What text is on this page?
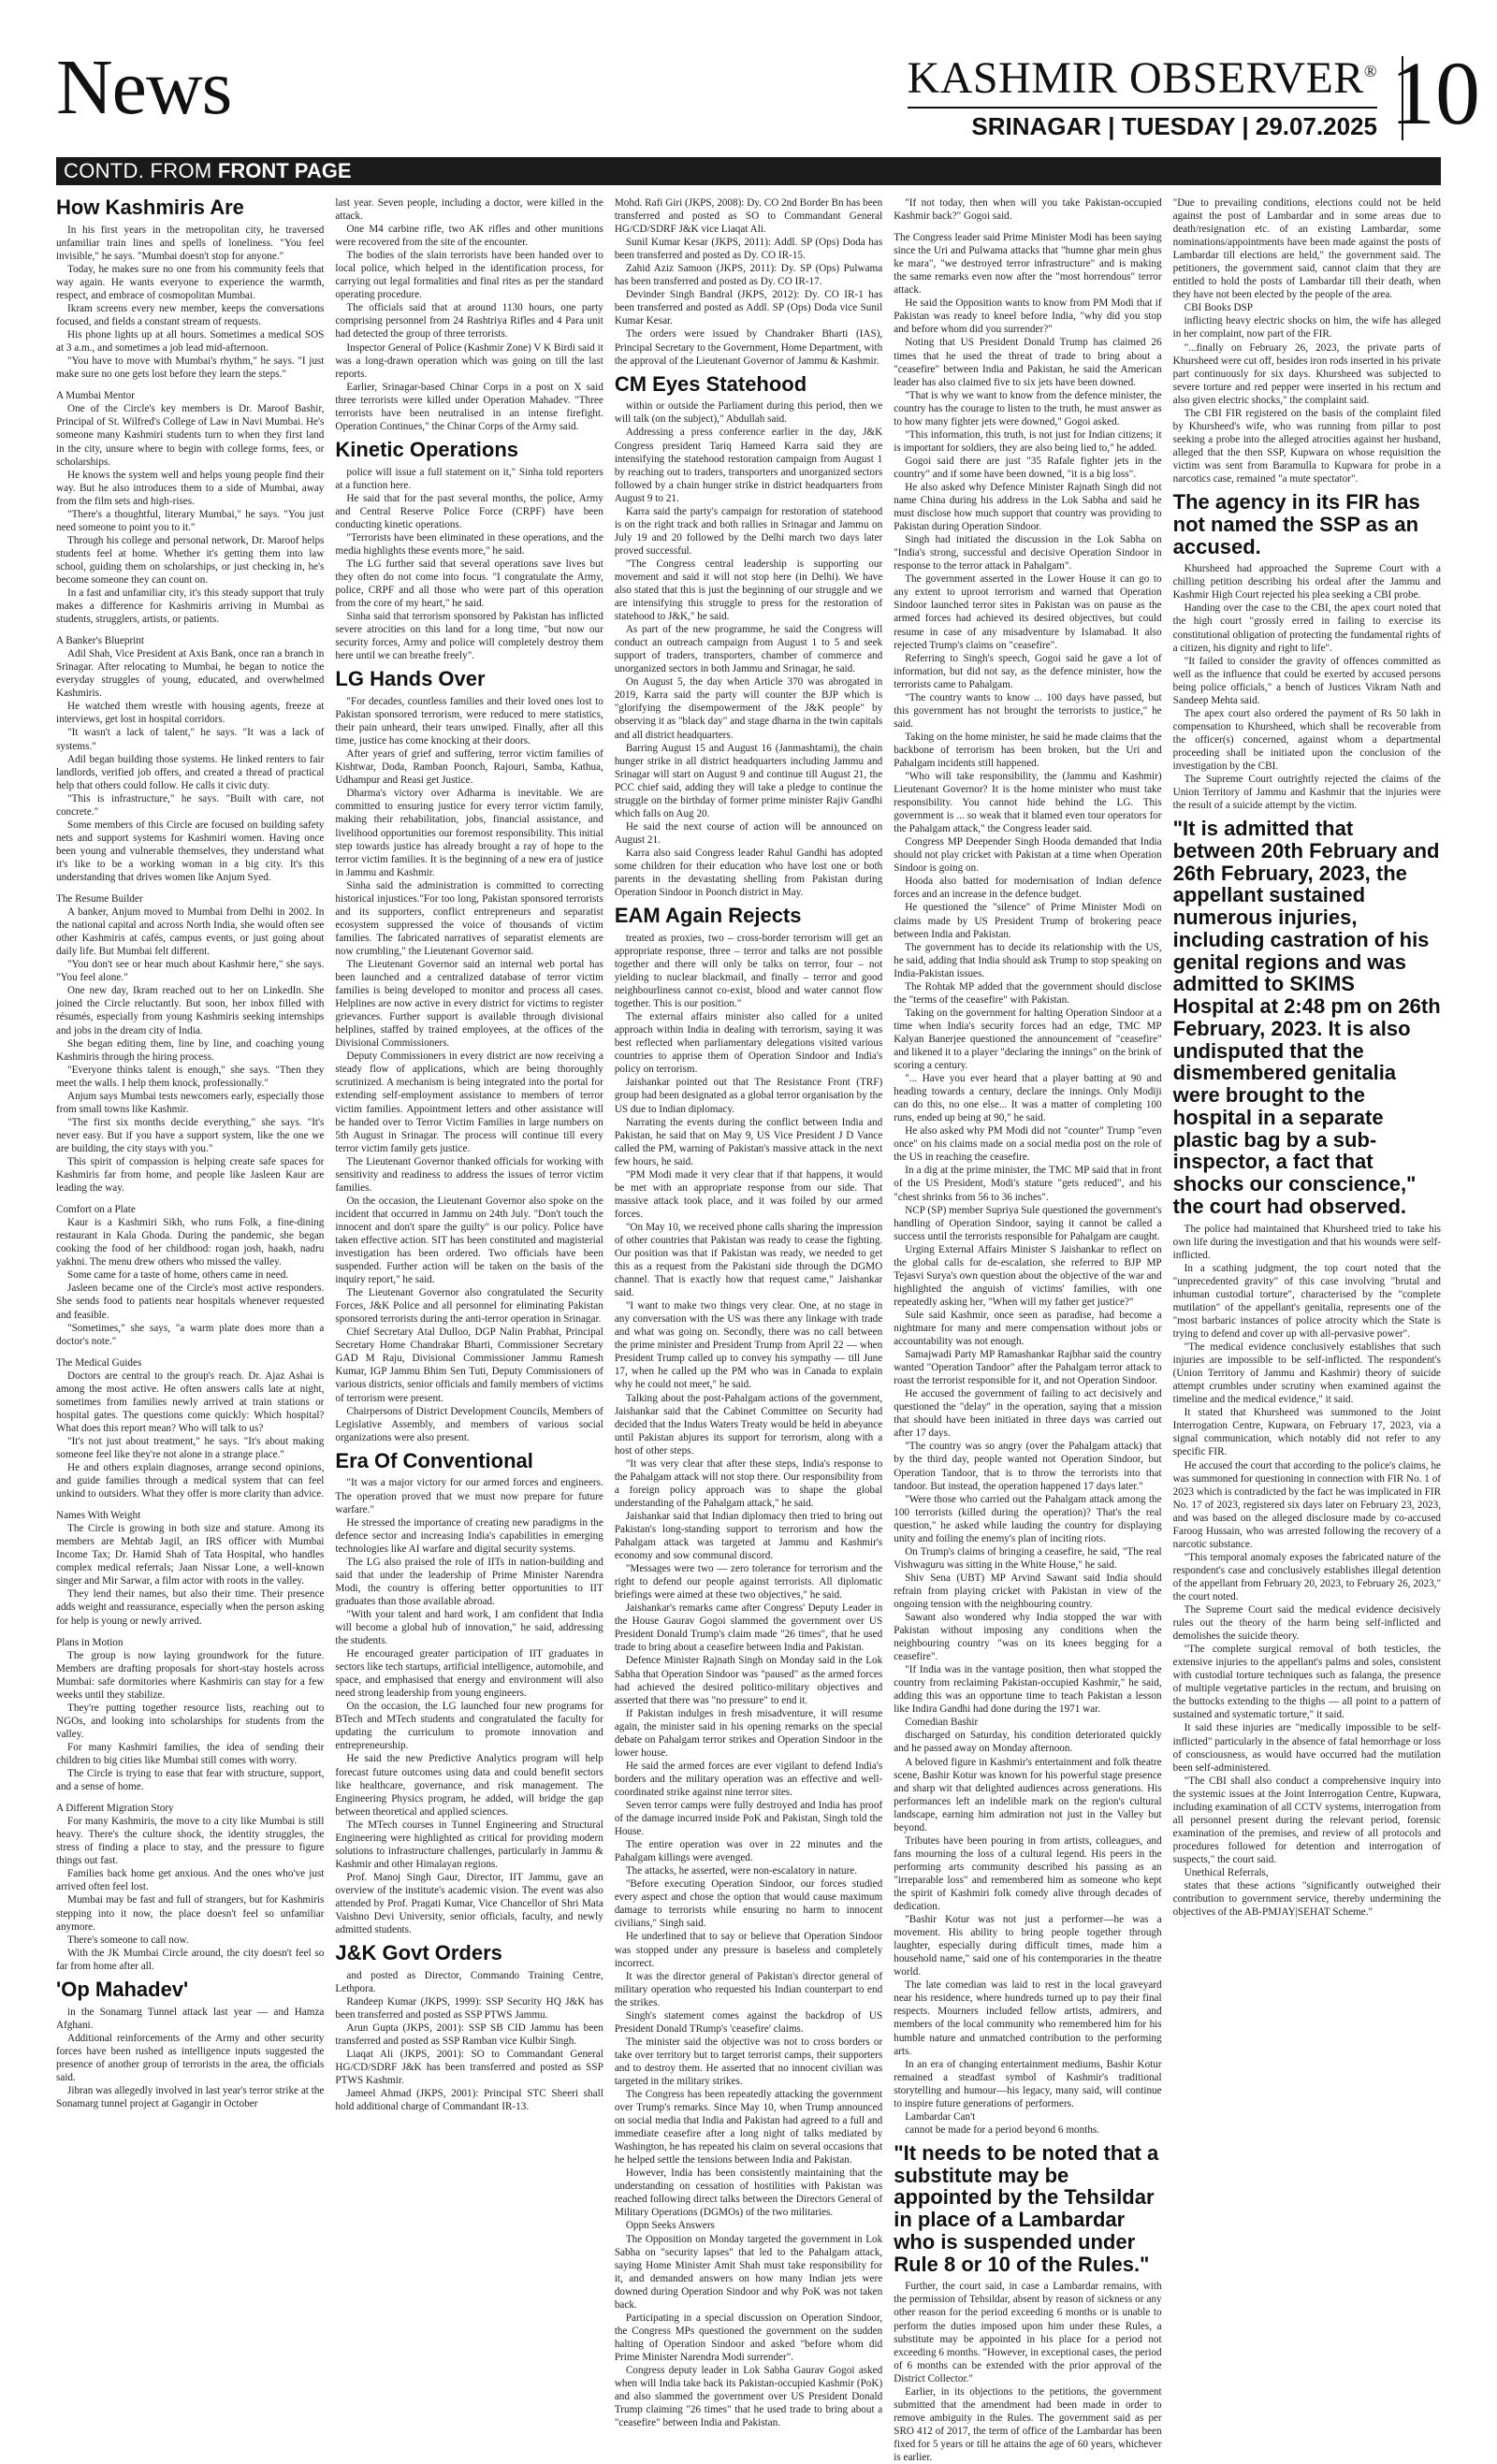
News	KASHMIR OBSERVER®
SRINAGAR | TUESDAY | 29.07.2025 10
CONTD. FROM FRONT PAGE
How Kashmiris Are

In his first years in the metropolitan city, he traversed unfamiliar train lines and spells of loneliness. "You feel invisible," he says. "Mumbai doesn't stop for anyone."

Today, he makes sure no one from his community feels that way again. He wants everyone to experience the warmth, respect, and embrace of cosmopolitan Mumbai.

Ikram screens every new member, keeps the conversations focused, and fields a constant stream of requests.

His phone lights up at all hours. Sometimes a medical SOS at 3 a.m., and sometimes a job lead mid-afternoon.

"You have to move with Mumbai's rhythm," he says. "I just make sure no one gets lost before they learn the steps."

A Mumbai Mentor

One of the Circle's key members is Dr. Maroof Bashir, Principal of St. Wilfred's College of Law in Navi Mumbai. He's someone many Kashmiri students turn to when they first land in the city, unsure where to begin with college forms, fees, or scholarships.

He knows the system well and helps young people find their way. But he also introduces them to a side of Mumbai, away from the film sets and high-rises.

"There's a thoughtful, literary Mumbai," he says. "You just need someone to point you to it."

Through his college and personal network, Dr. Maroof helps students feel at home. Whether it's getting them into law school, guiding them on scholarships, or just checking in, he's become someone they can count on.

In a fast and unfamiliar city, it's this steady support that truly makes a difference for Kashmiris arriving in Mumbai as students, strugglers, artists, or patients.

A Banker's Blueprint

Adil Shah, Vice President at Axis Bank, once ran a branch in Srinagar. After relocating to Mumbai, he began to notice the everyday struggles of young, educated, and overwhelmed Kashmiris.

He watched them wrestle with housing agents, freeze at interviews, get lost in hospital corridors.

"It wasn't a lack of talent," he says. "It was a lack of systems."

Adil began building those systems. He linked renters to fair landlords, verified job offers, and created a thread of practical help that others could follow. He calls it civic duty.

"This is infrastructure," he says. "Built with care, not concrete."

Some members of this Circle are focused on building safety nets and support systems for Kashmiri women. Having once been young and vulnerable themselves, they understand what it's like to be a working woman in a big city. It's this understanding that drives women like Anjum Syed.

The Resume Builder

A banker, Anjum moved to Mumbai from Delhi in 2002. In the national capital and across North India, she would often see other Kashmiris at cafés, campus events, or just going about daily life. But Mumbai felt different.

"You don't see or hear much about Kashmir here," she says. "You feel alone."

One new day, Ikram reached out to her on LinkedIn. She joined the Circle reluctantly. But soon, her inbox filled with résumés, especially from young Kashmiris seeking internships and jobs in the dream city of India.

She began editing them, line by line, and coaching young Kashmiris through the hiring process.

"Everyone thinks talent is enough," she says. "Then they meet the walls. I help them knock, professionally."

Anjum says Mumbai tests newcomers early, especially those from small towns like Kashmir.

"The first six months decide everything," she says. "It's never easy. But if you have a support system, like the one we are building, the city stays with you."

This spirit of compassion is helping create safe spaces for Kashmiris far from home, and people like Jasleen Kaur are leading the way.

Comfort on a Plate

Kaur is a Kashmiri Sikh, who runs Folk, a fine-dining restaurant in Kala Ghoda. During the pandemic, she began cooking the food of her childhood: rogan josh, haakh, nadru yakhni. The menu drew others who missed the valley.

Some came for a taste of home, others came in need.

Jasleen became one of the Circle's most active responders. She sends food to patients near hospitals whenever requested and feasible.

"Sometimes," she says, "a warm plate does more than a doctor's note."

The Medical Guides

Doctors are central to the group's reach. Dr. Ajaz Ashai is among the most active. He often answers calls late at night, sometimes from families newly arrived at train stations or hospital gates. The questions come quickly: Which hospital? What does this report mean? Who will talk to us?

"It's not just about treatment," he says. "It's about making someone feel like they're not alone in a strange place."

He and others explain diagnoses, arrange second opinions, and guide families through a medical system that can feel unkind to outsiders. What they offer is more clarity than advice.

Names With Weight

The Circle is growing in both size and stature. Among its members are Mehtab Jagil, an IRS officer with Mumbai Income Tax; Dr. Hamid Shah of Tata Hospital, who handles complex medical referrals; Jaan Nissar Lone, a well-known singer and Mir Sarwar, a film actor with roots in the valley.

They lend their names, but also their time. Their presence adds weight and reassurance, especially when the person asking for help is young or newly arrived.

Plans in Motion

The group is now laying groundwork for the future. Members are drafting proposals for short-stay hostels across Mumbai: safe dormitories where Kashmiris can stay for a few weeks until they stabilize.

They're putting together resource lists, reaching out to NGOs, and looking into scholarships for students from the valley.

For many Kashmiri families, the idea of sending their children to big cities like Mumbai still comes with worry.

The Circle is trying to ease that fear with structure, support, and a sense of home.

A Different Migration Story

For many Kashmiris, the move to a city like Mumbai is still heavy. There's the culture shock, the identity struggles, the stress of finding a place to stay, and the pressure to figure things out fast.

Families back home get anxious. And the ones who've just arrived often feel lost.

Mumbai may be fast and full of strangers, but for Kashmiris stepping into it now, the place doesn't feel so unfamiliar anymore.

There's someone to call now.

With the JK Mumbai Circle around, the city doesn't feel so far from home after all.

'Op Mahadev'

in the Sonamarg Tunnel attack last year — and Hamza Afghani.

Additional reinforcements of the Army and other security forces have been rushed as intelligence inputs suggested the presence of another group of terrorists in the area, the officials said.

Jibran was allegedly involved in last year's terror strike at the Sonamarg tunnel project at Gagangir in October

last year. Seven people, including a doctor, were killed in the attack.

One M4 carbine rifle, two AK rifles and other munitions were recovered from the site of the encounter.

The bodies of the slain terrorists have been handed over to local police, which helped in the identification process, for carrying out legal formalities and final rites as per the standard operating procedure.

The officials said that at around 1130 hours, one party comprising personnel from 24 Rashtriya Rifles and 4 Para unit had detected the group of three terrorists.

Inspector General of Police (Kashmir Zone) V K Birdi said it was a long-drawn operation which was going on till the last reports.

Earlier, Srinagar-based Chinar Corps in a post on X said three terrorists were killed under Operation Mahadev. "Three terrorists have been neutralised in an intense firefight. Operation Continues," the Chinar Corps of the Army said.

Kinetic Operations

police will issue a full statement on it," Sinha told reporters at a function here.

He said that for the past several months, the police, Army and Central Reserve Police Force (CRPF) have been conducting kinetic operations.

"Terrorists have been eliminated in these operations, and the media highlights these events more," he said.

The LG further said that several operations save lives but they often do not come into focus. "I congratulate the Army, police, CRPF and all those who were part of this operation from the core of my heart," he said.

Sinha said that terrorism sponsored by Pakistan has inflicted severe atrocities on this land for a long time, "but now our security forces, Army and police will completely destroy them here until we can breathe freely".

LG Hands Over

"For decades, countless families and their loved ones lost to Pakistan sponsored terrorism, were reduced to mere statistics, their pain unheard, their tears unwiped. Finally, after all this time, justice has come knocking at their doors.

After years of grief and suffering, terror victim families of Kishtwar, Doda, Ramban Poonch, Rajouri, Samba, Kathua, Udhampur and Reasi get Justice.

Dharma's victory over Adharma is inevitable. We are committed to ensuring justice for every terror victim family, making their rehabilitation, jobs, financial assistance, and livelihood opportunities our foremost responsibility. This initial step towards justice has already brought a ray of hope to the terror victim families. It is the beginning of a new era of justice in Jammu and Kashmir.

Sinha said the administration is committed to correcting historical injustices."For too long, Pakistan sponsored terrorists and its supporters, conflict entrepreneurs and separatist ecosystem suppressed the voice of thousands of victim families. The fabricated narratives of separatist elements are now crumbling," the Lieutenant Governor said.

The Lieutenant Governor said an internal web portal has been launched and a centralized database of terror victim families is being developed to monitor and process all cases. Helplines are now active in every district for victims to register grievances. Further support is available through divisional helplines, staffed by trained employees, at the offices of the Divisional Commissioners.

Deputy Commissioners in every district are now receiving a steady flow of applications, which are being thoroughly scrutinized. A mechanism is being integrated into the portal for extending self-employment assistance to members of terror victim families. Appointment letters and other assistance will be handed over to Terror Victim Families in large numbers on 5th August in Srinagar. The process will continue till every terror victim family gets justice.

The Lieutenant Governor thanked officials for working with sensitivity and readiness to address the issues of terror victim families.

On the occasion, the Lieutenant Governor also spoke on the incident that occurred in Jammu on 24th July. "Don't touch the innocent and don't spare the guilty" is our policy. Police have taken effective action. SIT has been constituted and magisterial investigation has been ordered. Two officials have been suspended. Further action will be taken on the basis of the inquiry report," he said.

The Lieutenant Governor also congratulated the Security Forces, J&K Police and all personnel for eliminating Pakistan sponsored terrorists during the anti-terror operation in Srinagar.

Chief Secretary Atal Dulloo, DGP Nalin Prabhat, Principal Secretary Home Chandrakar Bharti, Commissioner Secretary GAD M Raju, Divisional Commissioner Jammu Ramesh Kumar, IGP Jammu Bhim Sen Tuti, Deputy Commissioners of various districts, senior officials and family members of victims of terrorism were present.

Chairpersons of District Development Councils, Members of Legislative Assembly, and members of various social organizations were also present.

Era Of Conventional

"It was a major victory for our armed forces and engineers. The operation proved that we must now prepare for future warfare."

He stressed the importance of creating new paradigms in the defence sector and increasing India's capabilities in emerging technologies like AI warfare and digital security systems.

The LG also praised the role of IITs in nation-building and said that under the leadership of Prime Minister Narendra Modi, the country is offering better opportunities to IIT graduates than those available abroad.

"With your talent and hard work, I am confident that India will become a global hub of innovation," he said, addressing the students.

He encouraged greater participation of IIT graduates in sectors like tech startups, artificial intelligence, automobile, and space, and emphasised that energy and environment will also need strong leadership from young engineers.

On the occasion, the LG launched four new programs for BTech and MTech students and congratulated the faculty for updating the curriculum to promote innovation and entrepreneurship.

He said the new Predictive Analytics program will help forecast future outcomes using data and could benefit sectors like healthcare, governance, and risk management. The Engineering Physics program, he added, will bridge the gap between theoretical and applied sciences.

The MTech courses in Tunnel Engineering and Structural Engineering were highlighted as critical for providing modern solutions to infrastructure challenges, particularly in Jammu & Kashmir and other Himalayan regions.

Prof. Manoj Singh Gaur, Director, IIT Jammu, gave an overview of the institute's academic vision. The event was also attended by Prof. Pragati Kumar, Vice Chancellor of Shri Mata Vaishno Devi University, senior officials, faculty, and newly admitted students.

J&K Govt Orders

and posted as Director, Commando Training Centre, Lethpora.

Randeep Kumar (JKPS, 1999): SSP Security HQ J&K has been transferred and posted as SSP PTWS Jammu.

Arun Gupta (JKPS, 2001): SSP SB CID Jammu has been transferred and posted as SSP Ramban vice Kulbir Singh.

Liaqat Ali (JKPS, 2001): SO to Commandant General HG/CD/SDRF J&K has been transferred and posted as SSP PTWS Kashmir.

Jameel Ahmad (JKPS, 2001): Principal STC Sheeri shall hold additional charge of Commandant IR-13.

Mohd. Rafi Giri (JKPS, 2008): Dy. CO 2nd Border Bn has been transferred and posted as SO to Commandant General HG/CD/SDRF J&K vice Liaqat Ali.

Sunil Kumar Kesar (JKPS, 2011): Addl. SP (Ops) Doda has been transferred and posted as Dy. CO IR-15.

Zahid Aziz Samoon (JKPS, 2011): Dy. SP (Ops) Pulwama has been transferred and posted as Dy. CO IR-17.

Devinder Singh Bandral (JKPS, 2012): Dy. CO IR-1 has been transferred and posted as Addl. SP (Ops) Doda vice Sunil Kumar Kesar.

The orders were issued by Chandraker Bharti (IAS), Principal Secretary to the Government, Home Department, with the approval of the Lieutenant Governor of Jammu & Kashmir.

CM Eyes Statehood

within or outside the Parliament during this period, then we will talk (on the subject)," Abdullah said.

Addressing a press conference earlier in the day, J&K Congress president Tariq Hameed Karra said they are intensifying the statehood restoration campaign from August 1 by reaching out to traders, transporters and unorganized sectors followed by a chain hunger strike in district headquarters from August 9 to 21.

Karra said the party's campaign for restoration of statehood is on the right track and both rallies in Srinagar and Jammu on July 19 and 20 followed by the Delhi march two days later proved successful.

"The Congress central leadership is supporting our movement and said it will not stop here (in Delhi). We have also stated that this is just the beginning of our struggle and we are intensifying this struggle to press for the restoration of statehood to J&K," he said.

As part of the new programme, he said the Congress will conduct an outreach campaign from August 1 to 5 and seek support of traders, transporters, chamber of commerce and unorganized sectors in both Jammu and Srinagar, he said.

On August 5, the day when Article 370 was abrogated in 2019, Karra said the party will counter the BJP which is "glorifying the disempowerment of the J&K people" by observing it as "black day" and stage dharna in the twin capitals and all district headquarters.

Barring August 15 and August 16 (Janmashtami), the chain hunger strike in all district headquarters including Jammu and Srinagar will start on August 9 and continue till August 21, the PCC chief said, adding they will take a pledge to continue the struggle on the birthday of former prime minister Rajiv Gandhi which falls on Aug 20.

He said the next course of action will be announced on August 21.

Karra also said Congress leader Rahul Gandhi has adopted some children for their education who have lost one or both parents in the devastating shelling from Pakistan during Operation Sindoor in Poonch district in May.

EAM Again Rejects

treated as proxies, two – cross-border terrorism will get an appropriate response, three – terror and talks are not possible together and there will only be talks on terror, four – not yielding to nuclear blackmail, and finally – terror and good neighbourliness cannot co-exist, blood and water cannot flow together. This is our position."

The external affairs minister also called for a united approach within India in dealing with terrorism, saying it was best reflected when parliamentary delegations visited various countries to apprise them of Operation Sindoor and India's policy on terrorism.

Jaishankar pointed out that The Resistance Front (TRF) group had been designated as a global terror organisation by the US due to Indian diplomacy.

Narrating the events during the conflict between India and Pakistan, he said that on May 9, US Vice President J D Vance called the PM, warning of Pakistan's massive attack in the next few hours, he said.

"PM Modi made it very clear that if that happens, it would be met with an appropriate response from our side. That massive attack took place, and it was foiled by our armed forces.

"On May 10, we received phone calls sharing the impression of other countries that Pakistan was ready to cease the fighting. Our position was that if Pakistan was ready, we needed to get this as a request from the Pakistani side through the DGMO channel. That is exactly how that request came," Jaishankar said.

"I want to make two things very clear. One, at no stage in any conversation with the US was there any linkage with trade and what was going on. Secondly, there was no call between the prime minister and President Trump from April 22 — when President Trump called up to convey his sympathy — till June 17, when he called up the PM who was in Canada to explain why he could not meet," he said.

Talking about the post-Pahalgam actions of the government, Jaishankar said that the Cabinet Committee on Security had decided that the Indus Waters Treaty would be held in abeyance until Pakistan abjures its support for terrorism, along with a host of other steps.

"It was very clear that after these steps, India's response to the Pahalgam attack will not stop there. Our responsibility from a foreign policy approach was to shape the global understanding of the Pahalgam attack," he said.

Jaishankar said that Indian diplomacy then tried to bring out Pakistan's long-standing support to terrorism and how the Pahalgam attack was targeted at Jammu and Kashmir's economy and sow communal discord.

"Messages were two — zero tolerance for terrorism and the right to defend our people against terrorists. All diplomatic briefings were aimed at these two objectives," he said.

Jaishankar's remarks came after Congress' Deputy Leader in the House Gaurav Gogoi slammed the government over US President Donald Trump's claim made "26 times", that he used trade to bring about a ceasefire between India and Pakistan.

Defence Minister Rajnath Singh on Monday said in the Lok Sabha that Operation Sindoor was "paused" as the armed forces had achieved the desired politico-military objectives and asserted that there was "no pressure" to end it.

If Pakistan indulges in fresh misadventure, it will resume again, the minister said in his opening remarks on the special debate on Pahalgam terror strikes and Operation Sindoor in the lower house.

He said the armed forces are ever vigilant to defend India's borders and the military operation was an effective and well-coordinated strike against nine terror sites.

Seven terror camps were fully destroyed and India has proof of the damage incurred inside PoK and Pakistan, Singh told the House.

The entire operation was over in 22 minutes and the Pahalgam killings were avenged.

The attacks, he asserted, were non-escalatory in nature.

"Before executing Operation Sindoor, our forces studied every aspect and chose the option that would cause maximum damage to terrorists while ensuring no harm to innocent civilians," Singh said.

He underlined that to say or believe that Operation Sindoor was stopped under any pressure is baseless and completely incorrect.

It was the director general of Pakistan's director general of military operation who requested his Indian counterpart to end the strikes.

Singh's statement comes against the backdrop of US President Donald TRump's 'ceasefire' claims.

The minister said the objective was not to cross borders or take over territory but to target terrorist camps, their supporters and to destroy them. He asserted that no innocent civilian was targeted in the military strikes.

The Congress has been repeatedly attacking the government over Trump's remarks. Since May 10, when Trump announced on social media that India and Pakistan had agreed to a full and immediate ceasefire after a long night of talks mediated by Washington, he has repeated his claim on several occasions that he helped settle the tensions between India and Pakistan.

However, India has been consistently maintaining that the understanding on cessation of hostilities with Pakistan was reached following direct talks between the Directors General of Military Operations (DGMOs) of the two militaries.

Oppn Seeks Answers

The Opposition on Monday targeted the government in Lok Sabha on "security lapses" that led to the Pahalgam attack, saying Home Minister Amit Shah must take responsibility for it, and demanded answers on how many Indian jets were downed during Operation Sindoor and why PoK was not taken back.

Participating in a special discussion on Operation Sindoor, the Congress MPs questioned the government on the sudden halting of Operation Sindoor and asked "before whom did Prime Minister Narendra Modi surrender".

Congress deputy leader in Lok Sabha Gaurav Gogoi asked when will India take back its Pakistan-occupied Kashmir (PoK) and also slammed the government over US President Donald Trump claiming "26 times" that he used trade to bring about a "ceasefire" between India and Pakistan.

"If not today, then when will you take Pakistan-occupied Kashmir back?" Gogoi said.

The Congress leader said Prime Minister Modi has been saying since the Uri and Pulwama attacks that "humne ghar mein ghus ke mara", "we destroyed terror infrastructure" and is making the same remarks even now after the "most horrendous" terror attack.

He said the Opposition wants to know from PM Modi that if Pakistan was ready to kneel before India, "why did you stop and before whom did you surrender?"

Noting that US President Donald Trump has claimed 26 times that he used the threat of trade to bring about a "ceasefire" between India and Pakistan, he said the American leader has also claimed five to six jets have been downed.

"That is why we want to know from the defence minister, the country has the courage to listen to the truth, he must answer as to how many fighter jets were downed," Gogoi asked.

"This information, this truth, is not just for Indian citizens; it is important for soldiers, they are also being lied to," he added.

Gogoi said there are just "35 Rafale fighter jets in the country" and if some have been downed, "it is a big loss".

He also asked why Defence Minister Rajnath Singh did not name China during his address in the Lok Sabha and said he must disclose how much support that country was providing to Pakistan during Operation Sindoor.

Singh had initiated the discussion in the Lok Sabha on "India's strong, successful and decisive Operation Sindoor in response to the terror attack in Pahalgam".

The government asserted in the Lower House it can go to any extent to uproot terrorism and warned that Operation Sindoor launched terror sites in Pakistan was on pause as the armed forces had achieved its desired objectives, but could resume in case of any misadventure by Islamabad. It also rejected Trump's claims on "ceasefire".

Referring to Singh's speech, Gogoi said he gave a lot of information, but did not say, as the defence minister, how the terrorists came to Pahalgam.

"The country wants to know ... 100 days have passed, but this government has not brought the terrorists to justice," he said.

Taking on the home minister, he said he made claims that the backbone of terrorism has been broken, but the Uri and Pahalgam incidents still happened.

"Who will take responsibility, the (Jammu and Kashmir) Lieutenant Governor? It is the home minister who must take responsibility. You cannot hide behind the LG. This government is ... so weak that it blamed even tour operators for the Pahalgam attack," the Congress leader said.

Congress MP Deepender Singh Hooda demanded that India should not play cricket with Pakistan at a time when Operation Sindoor is going on.

Hooda also batted for modernisation of Indian defence forces and an increase in the defence budget.

He questioned the "silence" of Prime Minister Modi on claims made by US President Trump of brokering peace between India and Pakistan.

The government has to decide its relationship with the US, he said, adding that India should ask Trump to stop speaking on India-Pakistan issues.

The Rohtak MP added that the government should disclose the "terms of the ceasefire" with Pakistan.

Taking on the government for halting Operation Sindoor at a time when India's security forces had an edge, TMC MP Kalyan Banerjee questioned the announcement of "ceasefire" and likened it to a player "declaring the innings" on the brink of scoring a century.

"... Have you ever heard that a player batting at 90 and heading towards a century, declare the innings. Only Modiji can do this, no one else... It was a matter of completing 100 runs, ended up being at 90," he said.

He also asked why PM Modi did not "counter" Trump "even once" on his claims made on a social media post on the role of the US in reaching the ceasefire.

In a dig at the prime minister, the TMC MP said that in front of the US President, Modi's stature "gets reduced", and his "chest shrinks from 56 to 36 inches".

NCP (SP) member Supriya Sule questioned the government's handling of Operation Sindoor, saying it cannot be called a success until the terrorists responsible for Pahalgam are caught.

Urging External Affairs Minister S Jaishankar to reflect on the global calls for de-escalation, she referred to BJP MP Tejasvi Surya's own question about the objective of the war and highlighted the anguish of victims' families, with one repeatedly asking her, "When will my father get justice?"

Sule said Kashmir, once seen as paradise, had become a nightmare for many and mere compensation without jobs or accountability was not enough.

Samajwadi Party MP Ramashankar Rajbhar said the country wanted "Operation Tandoor" after the Pahalgam terror attack to roast the terrorist responsible for it, and not Operation Sindoor.

He accused the government of failing to act decisively and questioned the "delay" in the operation, saying that a mission that should have been initiated in three days was carried out after 17 days.

"The country was so angry (over the Pahalgam attack) that by the third day, people wanted not Operation Sindoor, but Operation Tandoor, that is to throw the terrorists into that tandoor. But instead, the operation happened 17 days later."

"Were those who carried out the Pahalgam attack among the 100 terrorists (killed during the operation)? That's the real question," he asked while lauding the country for displaying unity and foiling the enemy's plan of inciting riots.

On Trump's claims of bringing a ceasefire, he said, "The real Vishwaguru was sitting in the White House," he said.

Shiv Sena (UBT) MP Arvind Sawant said India should refrain from playing cricket with Pakistan in view of the ongoing tension with the neighbouring country.

Sawant also wondered why India stopped the war with Pakistan without imposing any conditions when the neighbouring country "was on its knees begging for a ceasefire".

"If India was in the vantage position, then what stopped the country from reclaiming Pakistan-occupied Kashmir," he said, adding this was an opportune time to teach Pakistan a lesson like Indira Gandhi had done during the 1971 war.

Comedian Bashir

discharged on Saturday, his condition deteriorated quickly and he passed away on Monday afternoon.

A beloved figure in Kashmir's entertainment and folk theatre scene, Bashir Kotur was known for his powerful stage presence and sharp wit that delighted audiences across generations. His performances left an indelible mark on the region's cultural landscape, earning him admiration not just in the Valley but beyond.

Tributes have been pouring in from artists, colleagues, and fans mourning the loss of a cultural legend. His peers in the performing arts community described his passing as an "irreparable loss" and remembered him as someone who kept the spirit of Kashmiri folk comedy alive through decades of dedication.

"Bashir Kotur was not just a performer—he was a movement. His ability to bring people together through laughter, especially during difficult times, made him a household name," said one of his contemporaries in the theatre world.

The late comedian was laid to rest in the local graveyard near his residence, where hundreds turned up to pay their final respects. Mourners included fellow artists, admirers, and members of the local community who remembered him for his humble nature and unmatched contribution to the performing arts.

In an era of changing entertainment mediums, Bashir Kotur remained a steadfast symbol of Kashmir's traditional storytelling and humour—his legacy, many said, will continue to inspire future generations of performers.

Lambardar Can't

cannot be made for a period beyond 6 months.

"It needs to be noted that a substitute may be appointed by the Tehsildar in place of a Lambardar who is suspended under Rule 8 or 10 of the Rules."

Further, the court said, in case a Lambardar remains, with the permission of Tehsildar, absent by reason of sickness or any other reason for the period exceeding 6 months or is unable to perform the duties imposed upon him under these Rules, a substitute may be appointed in his place for a period not exceeding 6 months. "However, in exceptional cases, the period of 6 months can be extended with the prior approval of the District Collector."

Earlier, in its objections to the petitions, the government submitted that the amendment had been made in order to remove ambiguity in the Rules. The government said as per SRO 412 of 2017, the term of office of the Lambardar has been fixed for 5 years or till he attains the age of 60 years, whichever is earlier.

"Due to prevailing conditions, elections could not be held against the post of Lambardar and in some areas due to death/resignation etc. of an existing Lambardar, some nominations/appointments have been made against the posts of Lambardar till elections are held," the government said. The petitioners, the government said, cannot claim that they are entitled to hold the posts of Lambardar till their death, when they have not been elected by the people of the area.

CBI Books DSP

inflicting heavy electric shocks on him, the wife has alleged in her complaint, now part of the FIR.

"...finally on February 26, 2023, the private parts of Khursheed were cut off, besides iron rods inserted in his private part continuously for six days. Khursheed was subjected to severe torture and red pepper were inserted in his rectum and also given electric shocks," the complaint said.

The CBI FIR registered on the basis of the complaint filed by Khursheed's wife, who was running from pillar to post seeking a probe into the alleged atrocities against her husband, alleged that the then SSP, Kupwara on whose requisition the victim was sent from Baramulla to Kupwara for probe in a narcotics case, remained "a mute spectator".

The agency in its FIR has not named the SSP as an accused.

Khursheed had approached the Supreme Court with a chilling petition describing his ordeal after the Jammu and Kashmir High Court rejected his plea seeking a CBI probe.

Handing over the case to the CBI, the apex court noted that the high court "grossly erred in failing to exercise its constitutional obligation of protecting the fundamental rights of a citizen, his dignity and right to life".

"It failed to consider the gravity of offences committed as well as the influence that could be exerted by accused persons being police officials," a bench of Justices Vikram Nath and Sandeep Mehta said.

The apex court also ordered the payment of Rs 50 lakh in compensation to Khursheed, which shall be recoverable from the officer(s) concerned, against whom a departmental proceeding shall be initiated upon the conclusion of the investigation by the CBI.

The Supreme Court outrightly rejected the claims of the Union Territory of Jammu and Kashmir that the injuries were the result of a suicide attempt by the victim.

"It is admitted that between 20th February and 26th February, 2023, the appellant sustained numerous injuries, including castration of his genital regions and was admitted to SKIMS Hospital at 2:48 pm on 26th February, 2023. It is also undisputed that the dismembered genitalia were brought to the hospital in a separate plastic bag by a sub-inspector, a fact that shocks our conscience," the court had observed.

The police had maintained that Khursheed tried to take his own life during the investigation and that his wounds were self-inflicted.

In a scathing judgment, the top court noted that the "unprecedented gravity" of this case involving "brutal and inhuman custodial torture", characterised by the "complete mutilation" of the appellant's genitalia, represents one of the "most barbaric instances of police atrocity which the State is trying to defend and cover up with all-pervasive power".

"The medical evidence conclusively establishes that such injuries are impossible to be self-inflicted. The respondent's (Union Territory of Jammu and Kashmir) theory of suicide attempt crumbles under scrutiny when examined against the timeline and the medical evidence," it said.

It stated that Khursheed was summoned to the Joint Interrogation Centre, Kupwara, on February 17, 2023, via a signal communication, which notably did not refer to any specific FIR.

He accused the court that according to the police's claims, he was summoned for questioning in connection with FIR No. 1 of 2023 which is contradicted by the fact he was implicated in FIR No. 17 of 2023, registered six days later on February 23, 2023, and was based on the alleged disclosure made by co-accused Faroog Hussain, who was arrested following the recovery of a narcotic substance.

"This temporal anomaly exposes the fabricated nature of the respondent's case and conclusively establishes illegal detention of the appellant from February 20, 2023, to February 26, 2023," the court noted.

The Supreme Court said the medical evidence decisively rules out the theory of the harm being self-inflicted and demolishes the suicide theory.

"The complete surgical removal of both testicles, the extensive injuries to the appellant's palms and soles, consistent with custodial torture techniques such as falanga, the presence of multiple vegetative particles in the rectum, and bruising on the buttocks extending to the thighs — all point to a pattern of sustained and systematic torture," it said.

It said these injuries are "medically impossible to be self-inflicted" particularly in the absence of fatal hemorrhage or loss of consciousness, as would have occurred had the mutilation been self-administered.

"The CBI shall also conduct a comprehensive inquiry into the systemic issues at the Joint Interrogation Centre, Kupwara, including examination of all CCTV systems, interrogation from all personnel present during the relevant period, forensic examination of the premises, and review of all protocols and procedures followed for detention and interrogation of suspects," the court said.

Unethical Referrals,

states that these actions "significantly outweighed their contribution to government service, thereby undermining the objectives of the AB-PMJAY|SEHAT Scheme."
